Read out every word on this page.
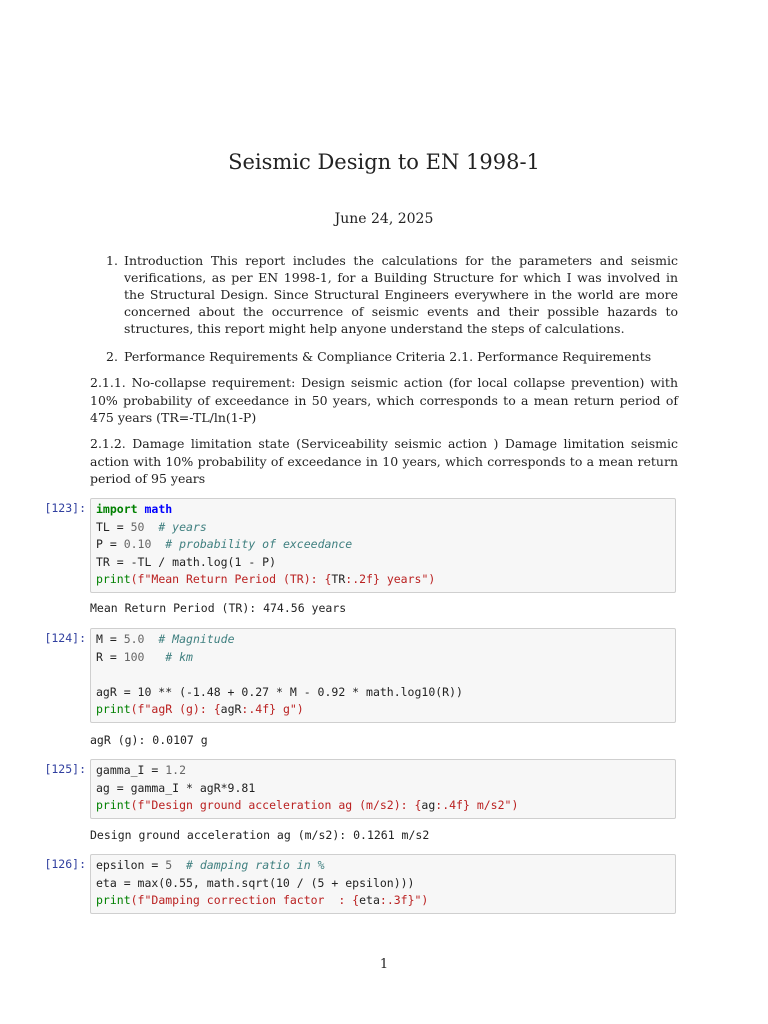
Seismic Design to EN 1998-1
June 24, 2025
1. Introduction This report includes the calculations for the parameters and seismic verifications, as per EN 1998-1, for a Building Structure for which I was involved in the Structural Design. Since Structural Engineers everywhere in the world are more concerned about the occurrence of seismic events and their possible hazards to structures, this report might help anyone understand the steps of calculations.
2. Performance Requirements & Compliance Criteria 2.1. Performance Requirements
2.1.1. No-collapse requirement: Design seismic action (for local collapse prevention) with 10% probability of exceedance in 50 years, which corresponds to a mean return period of 475 years (TR=-TL/ln(1-P)
2.1.2. Damage limitation state (Serviceability seismic action ) Damage limitation seismic action with 10% probability of exceedance in 10 years, which corresponds to a mean return period of 95 years
[123]: import math
TL = 50  # years
P = 0.10  # probability of exceedance
TR = -TL / math.log(1 - P)
print(f"Mean Return Period (TR): {TR:.2f} years")
Mean Return Period (TR): 474.56 years
[124]: M = 5.0  # Magnitude
R = 100   # km

agR = 10 ** (-1.48 + 0.27 * M - 0.92 * math.log10(R))
print(f"agR (g): {agR:.4f} g")
agR (g): 0.0107 g
[125]: gamma_I = 1.2
ag = gamma_I * agR*9.81
print(f"Design ground acceleration ag (m/s2): {ag:.4f} m/s2")
Design ground acceleration ag (m/s2): 0.1261 m/s2
[126]: epsilon = 5  # damping ratio in %
eta = max(0.55, math.sqrt(10 / (5 + epsilon)))
print(f"Damping correction factor  : {eta:.3f}")
1
